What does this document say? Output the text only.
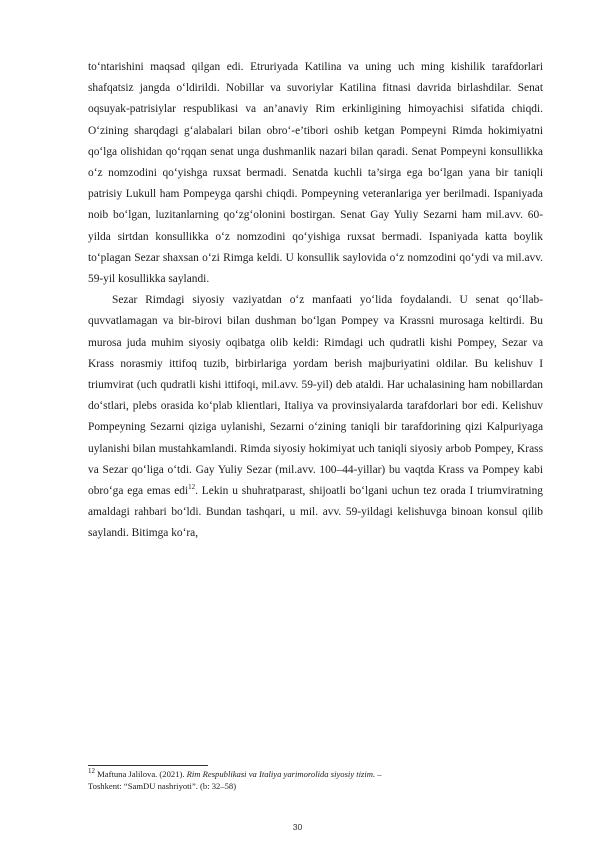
to‘ntarishini maqsad qilgan edi. Etruriyada Katilina va uning uch ming kishilik tarafdorlari shafqatsiz jangda o‘ldirildi. Nobillar va suvoriylar Katilina fitnasi davrida birlashdilar. Senat oqsuyak-patrisiylar respublikasi va an’anaviy Rim erkinligining himoyachisi sifatida chiqdi. O‘zining sharqdagi g‘alabalari bilan obro‘-e’tibori oshib ketgan Pompeyni Rimda hokimiyatni qo‘lga olishidan qo‘rqqan senat unga dushmanlik nazari bilan qaradi. Senat Pompeyni konsullikka o‘z nomzodini qo‘yishga ruxsat bermadi. Senatda kuchli ta’sirga ega bo‘lgan yana bir taniqli patrisiy Lukull ham Pompeyga qarshi chiqdi. Pompeyning veteranlariga yer berilmadi. Ispaniyada noib bo‘lgan, luzitanlarning qo‘zg‘olonini bostirgan. Senat Gay Yuliy Sezarni ham mil.avv. 60-yilda sirtdan konsullikka o‘z nomzodini qo‘yishiga ruxsat bermadi. Ispaniyada katta boylik to‘plagan Sezar shaxsan o‘zi Rimga keldi. U konsullik saylovida o‘z nomzodini qo‘ydi va mil.avv. 59-yil kosullikka saylandi.

Sezar Rimdagi siyosiy vaziyatdan o‘z manfaati yo‘lida foydalandi. U senat qo‘llab-quvvatlamagan va bir-birovi bilan dushman bo‘lgan Pompey va Krassni murosaga keltirdi. Bu murosa juda muhim siyosiy oqibatga olib keldi: Rimdagi uch qudratli kishi Pompey, Sezar va Krass norasmiy ittifoq tuzib, birbirlariga yordam berish majburiyatini oldilar. Bu kelishuv I triumvirat (uch qudratli kishi ittifoqi, mil.avv. 59-yil) deb ataldi. Har uchalasining ham nobillardan do‘stlari, plebs orasida ko‘plab klientlari, Italiya va provinsiyalarda tarafdorlari bor edi. Kelishuv Pompeyning Sezarni qiziga uylanishi, Sezarni o‘zining taniqli bir tarafdorining qizi Kalpuriyaga uylanishi bilan mustahkamlandi. Rimda siyosiy hokimiyat uch taniqli siyosiy arbob Pompey, Krass va Sezar qo‘liga o‘tdi. Gay Yuliy Sezar (mil.avv. 100–44-yillar) bu vaqtda Krass va Pompey kabi obro‘ga ega emas edi$^{12}$. Lekin u shuhratparast, shijoatli bo‘lgani uchun tez orada I triumviratning amaldagi rahbari bo‘ldi. Bundan tashqari, u mil. avv. 59-yildagi kelishuvga binoan konsul qilib saylandi. Bitimga ko‘ra,

$^{12}$ Maftuna Jalilova. (2021). Rim Respublikasi va Italiya yarimorolida siyosiy tizim. –
Toshkent: “SamDU nashriyoti”. (b: 32–58)
30
